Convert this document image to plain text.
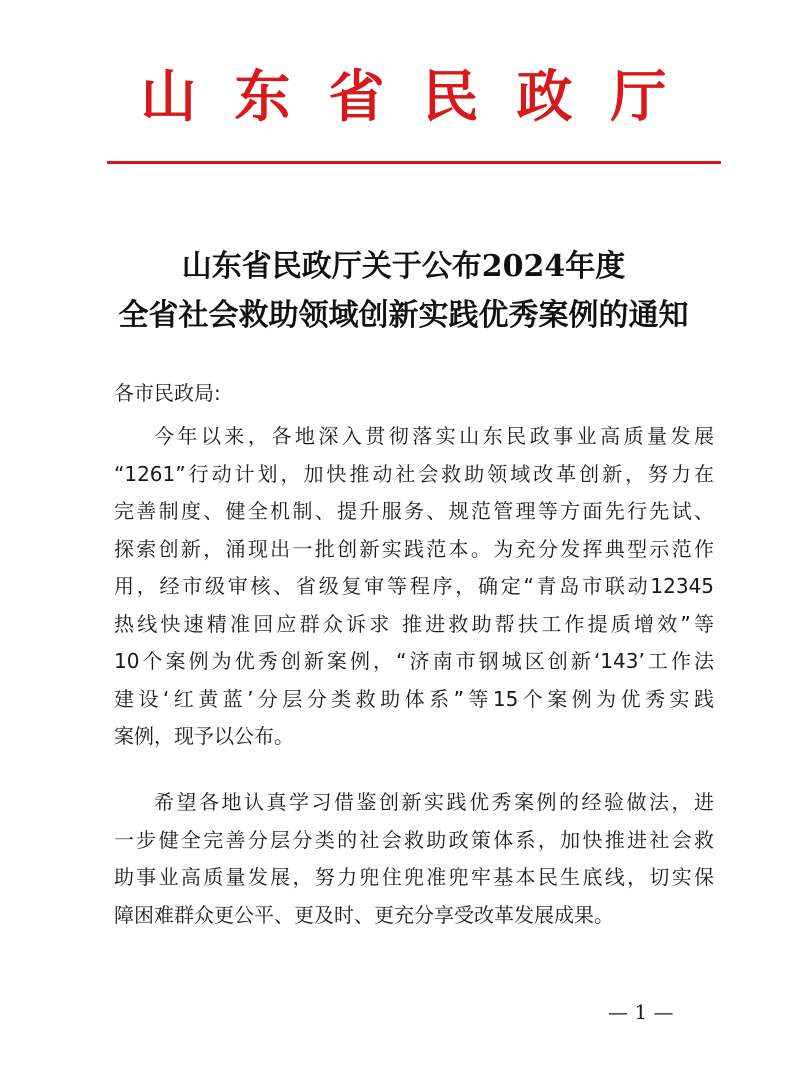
山东省民政厅
山东省民政厅关于公布2024年度
全省社会救助领域创新实践优秀案例的通知
各市民政局:
今年以来，各地深入贯彻落实山东民政事业高质量发展
“1261”行动计划，加快推动社会救助领域改革创新，努力在
完善制度、健全机制、提升服务、规范管理等方面先行先试、
探索创新，涌现出一批创新实践范本。为充分发挥典型示范作
用，经市级审核、省级复审等程序，确定“青岛市联动12345
热线快速精准回应群众诉求 推进救助帮扶工作提质增效”等
10个案例为优秀创新案例，“济南市钢城区创新‘143’工作法
建设‘红黄蓝’分层分类救助体系”等15个案例为优秀实践
案例，现予以公布。
希望各地认真学习借鉴创新实践优秀案例的经验做法，进
一步健全完善分层分类的社会救助政策体系，加快推进社会救
助事业高质量发展，努力兜住兜准兜牢基本民生底线，切实保
障困难群众更公平、更及时、更充分享受改革发展成果。
— 1 —
